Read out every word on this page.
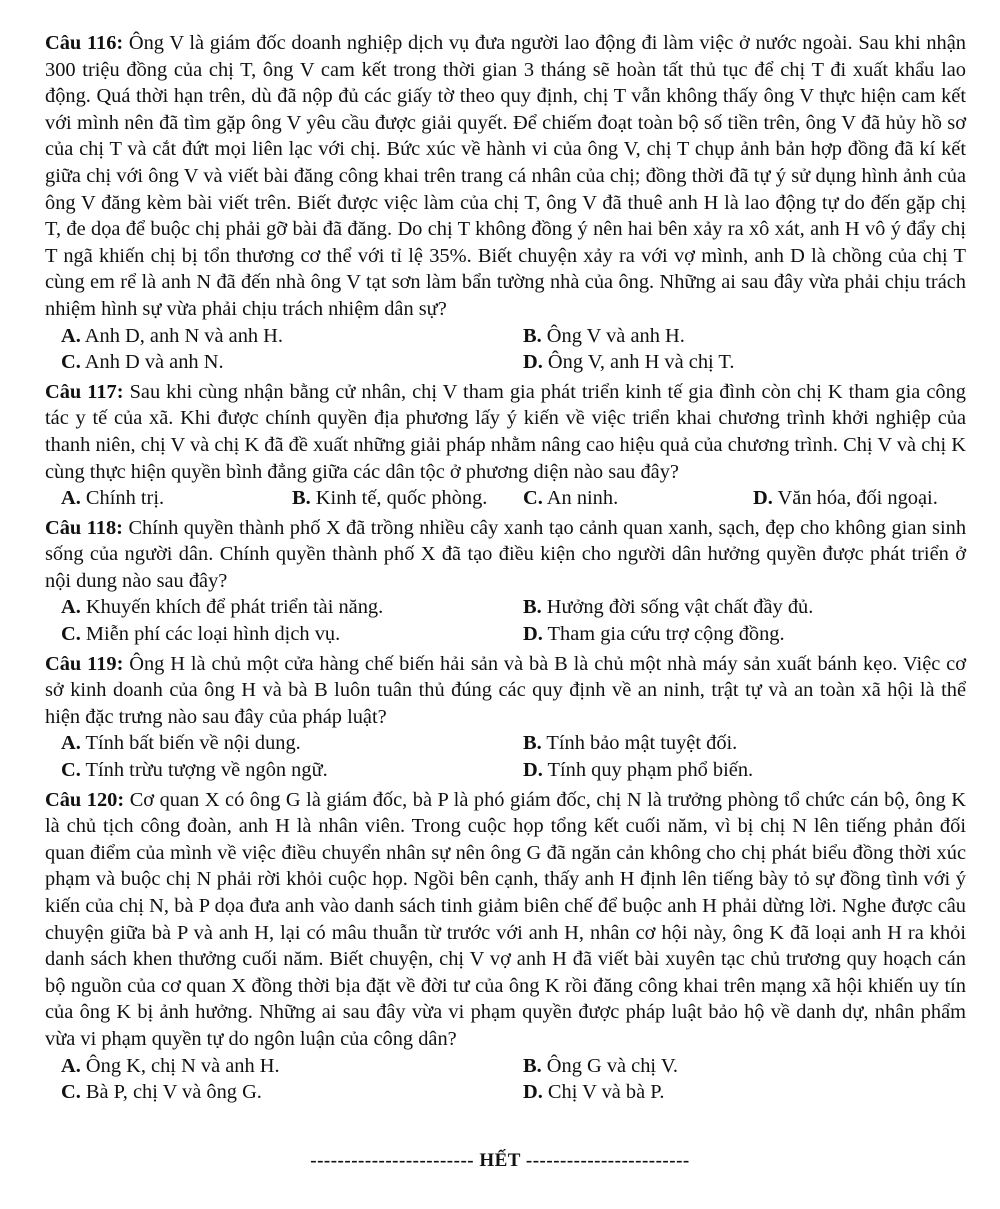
Câu 116: Ông V là giám đốc doanh nghiệp dịch vụ đưa người lao động đi làm việc ở nước ngoài. Sau khi nhận 300 triệu đồng của chị T, ông V cam kết trong thời gian 3 tháng sẽ hoàn tất thủ tục để chị T đi xuất khẩu lao động. Quá thời hạn trên, dù đã nộp đủ các giấy tờ theo quy định, chị T vẫn không thấy ông V thực hiện cam kết với mình nên đã tìm gặp ông V yêu cầu được giải quyết. Để chiếm đoạt toàn bộ số tiền trên, ông V đã hủy hồ sơ của chị T và cắt đứt mọi liên lạc với chị. Bức xúc về hành vi của ông V, chị T chụp ảnh bản hợp đồng đã kí kết giữa chị với ông V và viết bài đăng công khai trên trang cá nhân của chị; đồng thời đã tự ý sử dụng hình ảnh của ông V đăng kèm bài viết trên. Biết được việc làm của chị T, ông V đã thuê anh H là lao động tự do đến gặp chị T, đe dọa để buộc chị phải gỡ bài đã đăng. Do chị T không đồng ý nên hai bên xảy ra xô xát, anh H vô ý đẩy chị T ngã khiến chị bị tổn thương cơ thể với tỉ lệ 35%. Biết chuyện xảy ra với vợ mình, anh D là chồng của chị T cùng em rể là anh N đã đến nhà ông V tạt sơn làm bẩn tường nhà của ông. Những ai sau đây vừa phải chịu trách nhiệm hình sự vừa phải chịu trách nhiệm dân sự?

A. Anh D, anh N và anh H.	B. Ông V và anh H.
C. Anh D và anh N.	D. Ông V, anh H và chị T.

Câu 117: Sau khi cùng nhận bằng cử nhân, chị V tham gia phát triển kinh tế gia đình còn chị K tham gia công tác y tế của xã. Khi được chính quyền địa phương lấy ý kiến về việc triển khai chương trình khởi nghiệp của thanh niên, chị V và chị K đã đề xuất những giải pháp nhằm nâng cao hiệu quả của chương trình. Chị V và chị K cùng thực hiện quyền bình đẳng giữa các dân tộc ở phương diện nào sau đây?

A. Chính trị.	B. Kinh tế, quốc phòng. C. An ninh.	D. Văn hóa, đối ngoại.

Câu 118: Chính quyền thành phố X đã trồng nhiều cây xanh tạo cảnh quan xanh, sạch, đẹp cho không gian sinh sống của người dân. Chính quyền thành phố X đã tạo điều kiện cho người dân hưởng quyền được phát triển ở nội dung nào sau đây?

A. Khuyến khích để phát triển tài năng.	B. Hưởng đời sống vật chất đầy đủ.
C. Miễn phí các loại hình dịch vụ.	D. Tham gia cứu trợ cộng đồng.

Câu 119: Ông H là chủ một cửa hàng chế biến hải sản và bà B là chủ một nhà máy sản xuất bánh kẹo. Việc cơ sở kinh doanh của ông H và bà B luôn tuân thủ đúng các quy định về an ninh, trật tự và an toàn xã hội là thể hiện đặc trưng nào sau đây của pháp luật?

A. Tính bất biến về nội dung.	B. Tính bảo mật tuyệt đối.
C. Tính trừu tượng về ngôn ngữ.	D. Tính quy phạm phổ biến.

Câu 120: Cơ quan X có ông G là giám đốc, bà P là phó giám đốc, chị N là trưởng phòng tổ chức cán bộ, ông K là chủ tịch công đoàn, anh H là nhân viên. Trong cuộc họp tổng kết cuối năm, vì bị chị N lên tiếng phản đối quan điểm của mình về việc điều chuyển nhân sự nên ông G đã ngăn cản không cho chị phát biểu đồng thời xúc phạm và buộc chị N phải rời khỏi cuộc họp. Ngồi bên cạnh, thấy anh H định lên tiếng bày tỏ sự đồng tình với ý kiến của chị N, bà P dọa đưa anh vào danh sách tinh giảm biên chế để buộc anh H phải dừng lời. Nghe được câu chuyện giữa bà P và anh H, lại có mâu thuẫn từ trước với anh H, nhân cơ hội này, ông K đã loại anh H ra khỏi danh sách khen thưởng cuối năm. Biết chuyện, chị V vợ anh H đã viết bài xuyên tạc chủ trương quy hoạch cán bộ nguồn của cơ quan X đồng thời bịa đặt về đời tư của ông K rồi đăng công khai trên mạng xã hội khiến uy tín của ông K bị ảnh hưởng. Những ai sau đây vừa vi phạm quyền được pháp luật bảo hộ về danh dự, nhân phẩm vừa vi phạm quyền tự do ngôn luận của công dân?

A. Ông K, chị N và anh H.	B. Ông G và chị V.
C. Bà P, chị V và ông G.	D. Chị V và bà P.
------------------------ HẾT ------------------------
